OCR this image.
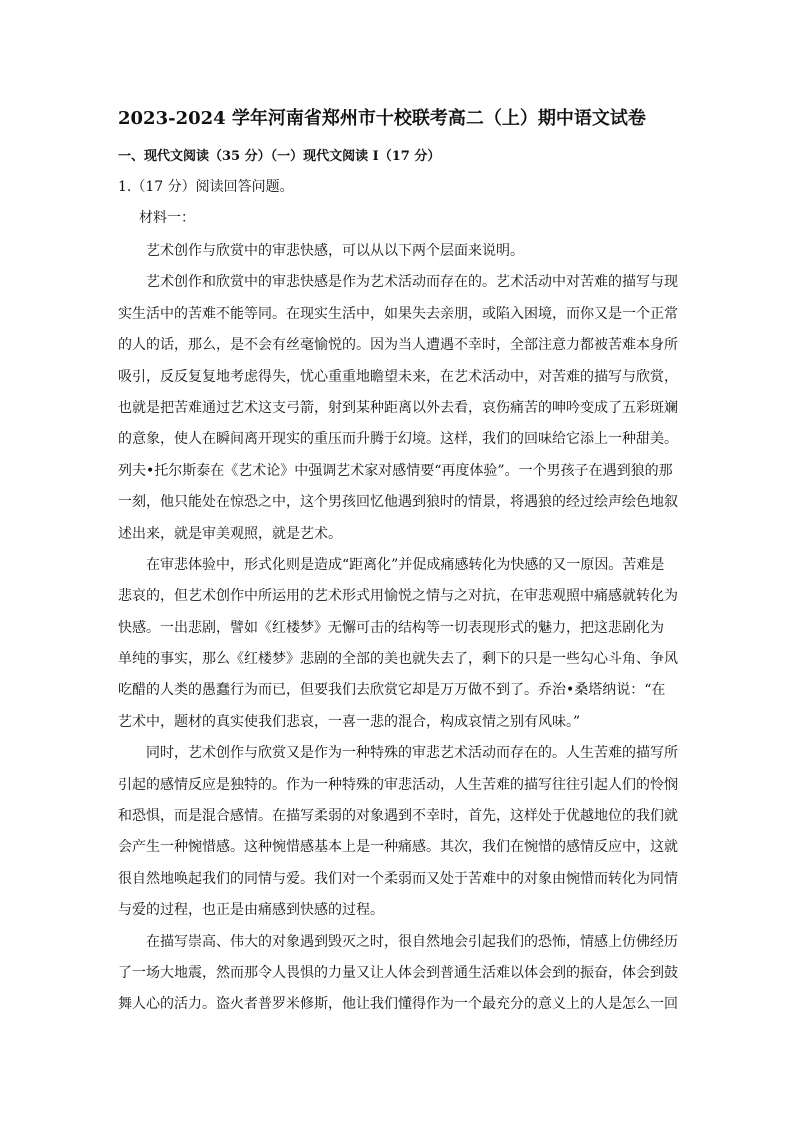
2023-2024 学年河南省郑州市十校联考高二（上）期中语文试卷
一、现代文阅读（35 分）（一）现代文阅读 I（17 分）
1.（17 分）阅读回答问题。
材料一：
艺术创作与欣赏中的审悲快感，可以从以下两个层面来说明。
艺术创作和欣赏中的审悲快感是作为艺术活动而存在的。艺术活动中对苦难的描写与现
实生活中的苦难不能等同。在现实生活中，如果失去亲朋，或陷入困境，而你又是一个正常
的人的话，那么，是不会有丝毫愉悦的。因为当人遭遇不幸时，全部注意力都被苦难本身所
吸引，反反复复地考虑得失，忧心重重地瞻望未来，在艺术活动中，对苦难的描写与欣赏，
也就是把苦难通过艺术这支弓箭，射到某种距离以外去看，哀伤痛苦的呻吟变成了五彩斑斓
的意象，使人在瞬间离开现实的重压而升腾于幻境。这样，我们的回味给它添上一种甜美。
列夫•托尔斯泰在《艺术论》中强调艺术家对感情要“再度体验”。一个男孩子在遇到狼的那
一刻，他只能处在惊恐之中，这个男孩回忆他遇到狼时的情景，将遇狼的经过绘声绘色地叙
述出来，就是审美观照，就是艺术。
在审悲体验中，形式化则是造成“距离化”并促成痛感转化为快感的又一原因。苦难是
悲哀的，但艺术创作中所运用的艺术形式用愉悦之情与之对抗，在审悲观照中痛感就转化为
快感。一出悲剧，譬如《红楼梦》无懈可击的结构等一切表现形式的魅力，把这悲剧化为
单纯的事实，那么《红楼梦》悲剧的全部的美也就失去了，剩下的只是一些勾心斗角、争风
吃醋的人类的愚蠢行为而已，但要我们去欣赏它却是万万做不到了。乔治•桑塔纳说：“在
艺术中，题材的真实使我们悲哀，一喜一悲的混合，构成哀情之别有风味。”
同时，艺术创作与欣赏又是作为一种特殊的审悲艺术活动而存在的。人生苦难的描写所
引起的感情反应是独特的。作为一种特殊的审悲活动，人生苦难的描写往往引起人们的怜悯
和恐惧，而是混合感情。在描写柔弱的对象遇到不幸时，首先，这样处于优越地位的我们就
会产生一种惋惜感。这种惋惜感基本上是一种痛感。其次，我们在惋惜的感情反应中，这就
很自然地唤起我们的同情与爱。我们对一个柔弱而又处于苦难中的对象由惋惜而转化为同情
与爱的过程，也正是由痛感到快感的过程。
在描写崇高、伟大的对象遇到毁灭之时，很自然地会引起我们的恐怖，情感上仿佛经历
了一场大地震，然而那令人畏惧的力量又让人体会到普通生活难以体会到的振奋，体会到鼓
舞人心的活力。盗火者普罗米修斯，他让我们懂得作为一个最充分的意义上的人是怎么一回
